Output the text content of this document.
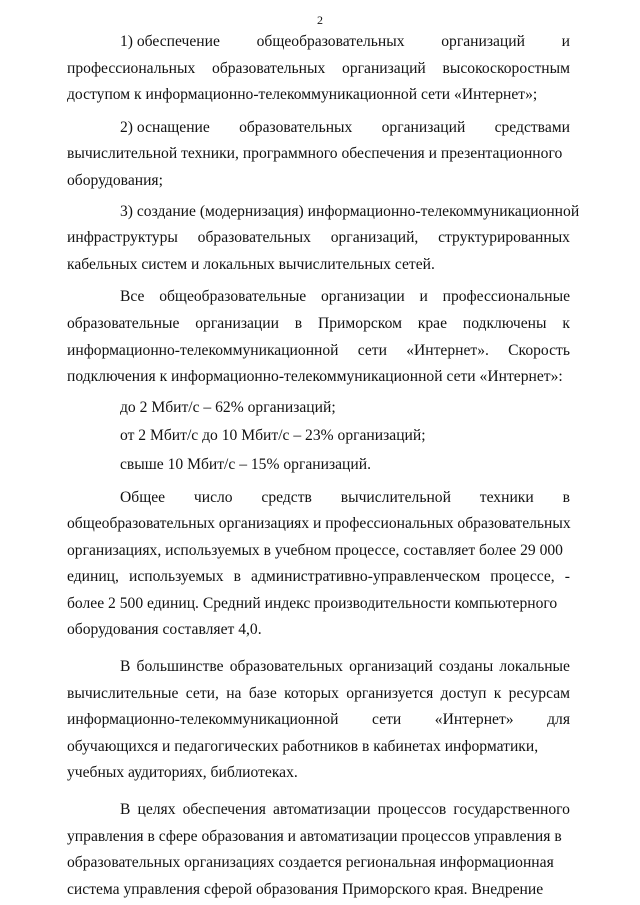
2
1) обеспечение общеобразовательных организаций и
профессиональных образовательных организаций высокоскоростным
доступом к информационно-телекоммуникационной сети «Интернет»;
2) оснащение образовательных организаций средствами
вычислительной техники, программного обеспечения и презентационного
оборудования;
3) создание (модернизация) информационно-телекоммуникационной
инфраструктуры образовательных организаций, структурированных
кабельных систем и локальных вычислительных сетей.
Все общеобразовательные организации и профессиональные
образовательные организации в Приморском крае подключены к
информационно-телекоммуникационной сети «Интернет». Скорость
подключения к информационно-телекоммуникационной сети «Интернет»:
до 2 Мбит/с – 62% организаций;
от 2 Мбит/с до 10 Мбит/с – 23% организаций;
свыше 10 Мбит/с – 15% организаций.
Общее число средств вычислительной техники в
общеобразовательных организациях и профессиональных образовательных
организациях, используемых в учебном процессе, составляет более 29 000
единиц, используемых в административно-управленческом процессе, -
более 2 500 единиц. Средний индекс производительности компьютерного
оборудования составляет 4,0.
В большинстве образовательных организаций созданы локальные
вычислительные сети, на базе которых организуется доступ к ресурсам
информационно-телекоммуникационной сети «Интернет» для
обучающихся и педагогических работников в кабинетах информатики,
учебных аудиториях, библиотеках.
В целях обеспечения автоматизации процессов государственного
управления в сфере образования и автоматизации процессов управления в
образовательных организациях создается региональная информационная
система управления сферой образования Приморского края. Внедрение
